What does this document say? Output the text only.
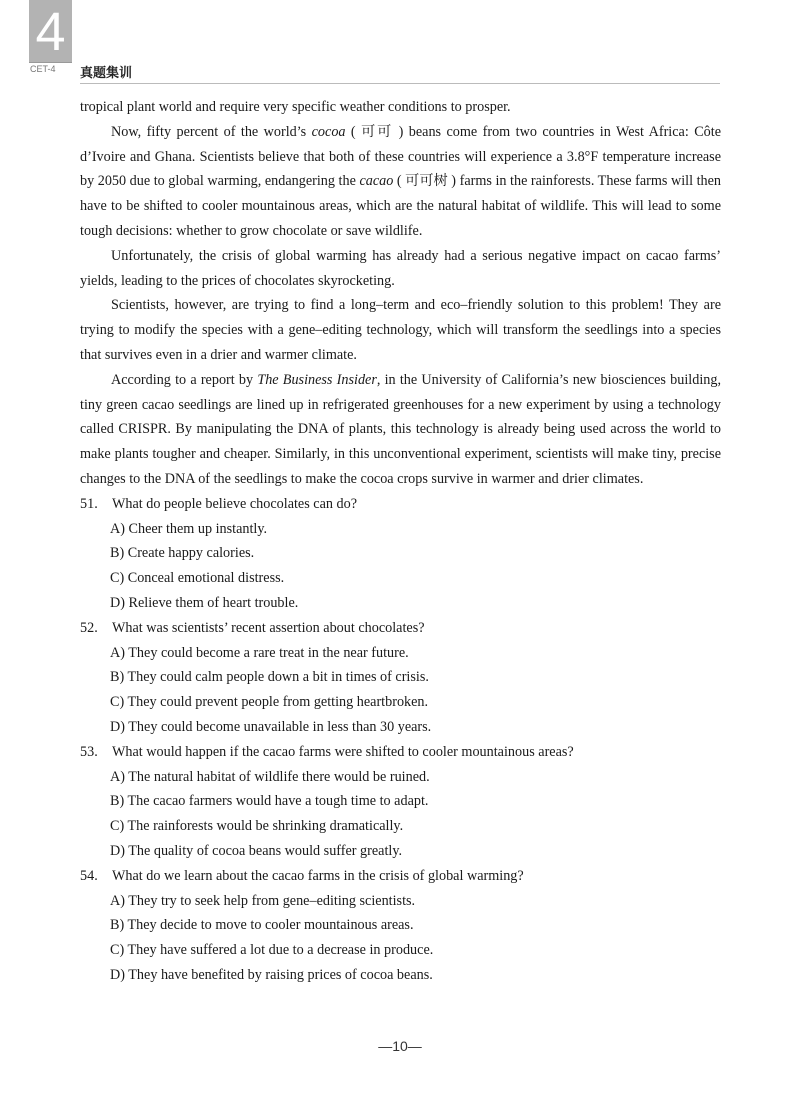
4
CET-4 真题集训

tropical plant world and require very specific weather conditions to prosper.

Now, fifty percent of the world’s cocoa ( 可可 ) beans come from two countries in West Africa: Côte d’Ivoire and Ghana. Scientists believe that both of these countries will experience a 3.8°F temperature increase by 2050 due to global warming, endangering the cacao ( 可可树 ) farms in the rainforests. These farms will then have to be shifted to cooler mountainous areas, which are the natural habitat of wildlife. This will lead to some tough decisions: whether to grow chocolate or save wildlife.

Unfortunately, the crisis of global warming has already had a serious negative impact on cacao farms’ yields, leading to the prices of chocolates skyrocketing.

Scientists, however, are trying to find a long–term and eco–friendly solution to this problem! They are trying to modify the species with a gene–editing technology, which will transform the seedlings into a species that survives even in a drier and warmer climate.

According to a report by The Business Insider, in the University of California’s new biosciences building, tiny green cacao seedlings are lined up in refrigerated greenhouses for a new experiment by using a technology called CRISPR. By manipulating the DNA of plants, this technology is already being used across the world to make plants tougher and cheaper. Similarly, in this unconventional experiment, scientists will make tiny, precise changes to the DNA of the seedlings to make the cocoa crops survive in warmer and drier climates.

51. What do people believe chocolates can do?

A) Cheer them up instantly.

B) Create happy calories.

C) Conceal emotional distress.

D) Relieve them of heart trouble.

52. What was scientists’ recent assertion about chocolates?

A) They could become a rare treat in the near future.

B) They could calm people down a bit in times of crisis.

C) They could prevent people from getting heartbroken.

D) They could become unavailable in less than 30 years.

53. What would happen if the cacao farms were shifted to cooler mountainous areas?

A) The natural habitat of wildlife there would be ruined.

B) The cacao farmers would have a tough time to adapt.

C) The rainforests would be shrinking dramatically.

D) The quality of cocoa beans would suffer greatly.

54. What do we learn about the cacao farms in the crisis of global warming?

A) They try to seek help from gene–editing scientists.

B) They decide to move to cooler mountainous areas.

C) They have suffered a lot due to a decrease in produce.

D) They have benefited by raising prices of cocoa beans.

—10—
